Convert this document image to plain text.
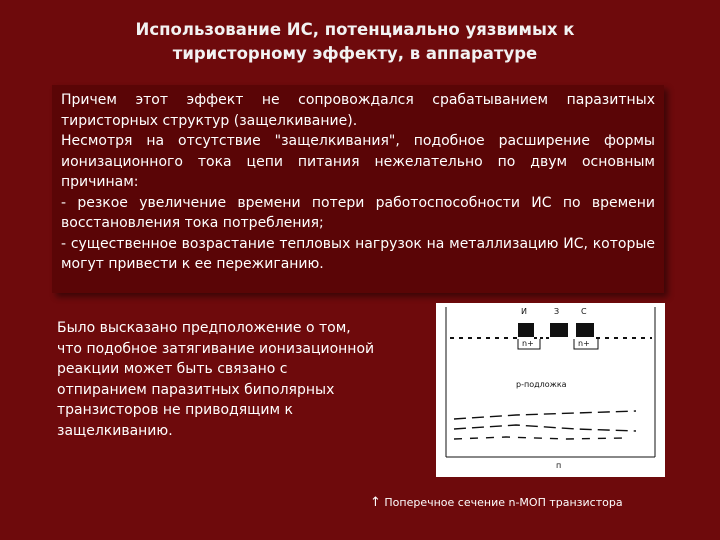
Использование ИС, потенциально уязвимых к
тиристорному эффекту, в аппаратуре

Причем этот эффект не сопровождался срабатыванием паразитных тиристорных структур (защелкивание).

Несмотря на отсутствие "защелкивания", подобное расширение формы ионизационного тока цепи питания нежелательно по двум основным причинам:

- резкое увеличение времени потери работоспособности ИС по времени восстановления тока потребления;

- существенное возрастание тепловых нагрузок на металлизацию ИС, которые могут привести к ее пережиганию.

Было высказано предположение о том, что подобное затягивание ионизационной реакции может быть связано с отпиранием паразитных биполярных транзисторов не приводящим к защелкиванию.
И	З	С
n+	n+
р-подложка
п
↑ Поперечное сечение n-МОП транзистора
